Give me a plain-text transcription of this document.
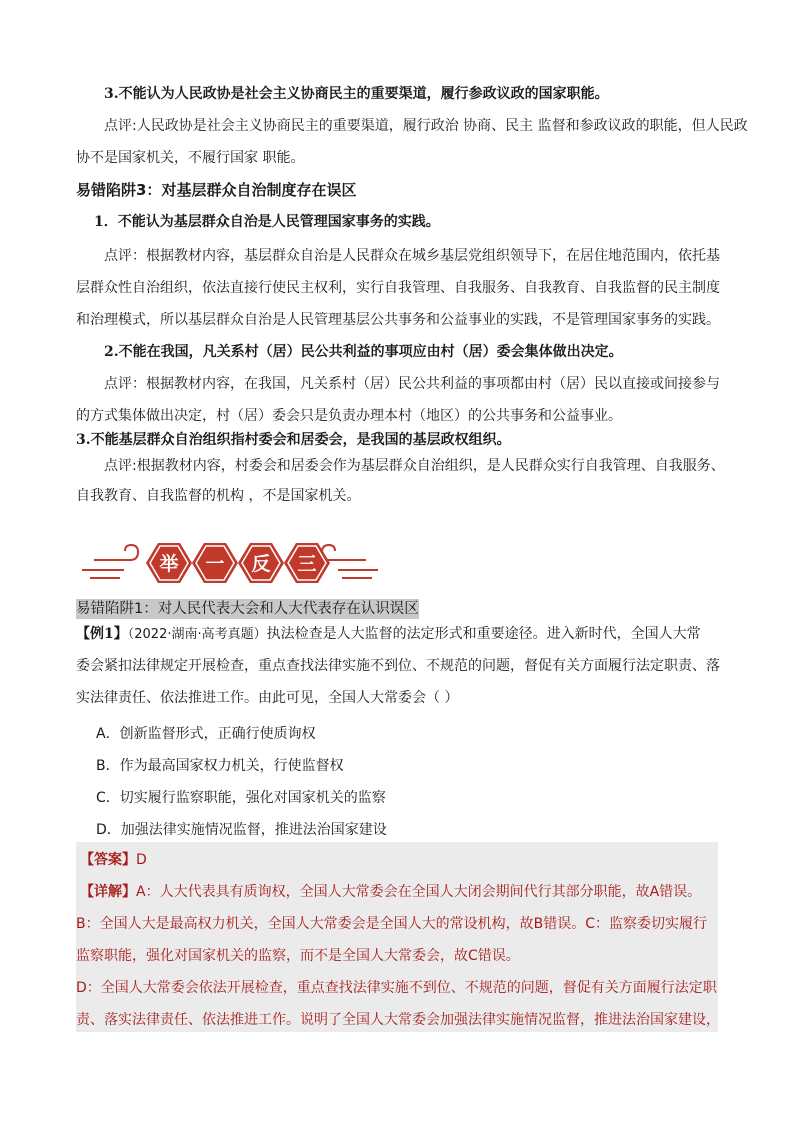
3.不能认为人民政协是社会主义协商民主的重要渠道，履行参政议政的国家职能。
点评:人民政协是社会主义协商民主的重要渠道，履行政治 协商、民主 监督和参政议政的职能，但人民政
协不是国家机关，不履行国家 职能。
易错陷阱3：对基层群众自治制度存在误区
1．不能认为基层群众自治是人民管理国家事务的实践。
点评：根据教材内容，基层群众自治是人民群众在城乡基层党组织领导下，在居住地范围内，依托基
层群众性自治组织，依法直接行使民主权利，实行自我管理、自我服务、自我教育、自我监督的民主制度
和治理模式，所以基层群众自治是人民管理基层公共事务和公益事业的实践，不是管理国家事务的实践。
2.不能在我国，凡关系村（居）民公共利益的事项应由村（居）委会集体做出决定。
点评：根据教材内容，在我国，凡关系村（居）民公共利益的事项都由村（居）民以直接或间接参与
的方式集体做出决定，村（居）委会只是负责办理本村（地区）的公共事务和公益事业。
3.不能基层群众自治组织指村委会和居委会，是我国的基层政权组织。
点评:根据教材内容，村委会和居委会作为基层群众自治组织，是人民群众实行自我管理、自我服务、
自我教育、自我监督的机构 ，不是国家机关。
举 一 反 三
易错陷阱1：对人民代表大会和人大代表存在认识误区
【例1】（2022·湖南·高考真题）执法检查是人大监督的法定形式和重要途径。进入新时代，全国人大常
委会紧扣法律规定开展检查，重点查找法律实施不到位、不规范的问题，督促有关方面履行法定职责、落
实法律责任、依法推进工作。由此可见，全国人大常委会（ ）
A．创新监督形式，正确行使质询权
B．作为最高国家权力机关，行使监督权
C．切实履行监察职能，强化对国家机关的监察
D．加强法律实施情况监督，推进法治国家建设
【答案】D
【详解】A：人大代表具有质询权，全国人大常委会在全国人大闭会期间代行其部分职能，故A错误。
B：全国人大是最高权力机关，全国人大常委会是全国人大的常设机构，故B错误。C：监察委切实履行
监察职能，强化对国家机关的监察，而不是全国人大常委会，故C错误。
D：全国人大常委会依法开展检查，重点查找法律实施不到位、不规范的问题，督促有关方面履行法定职
责、落实法律责任、依法推进工作。说明了全国人大常委会加强法律实施情况监督，推进法治国家建设，
